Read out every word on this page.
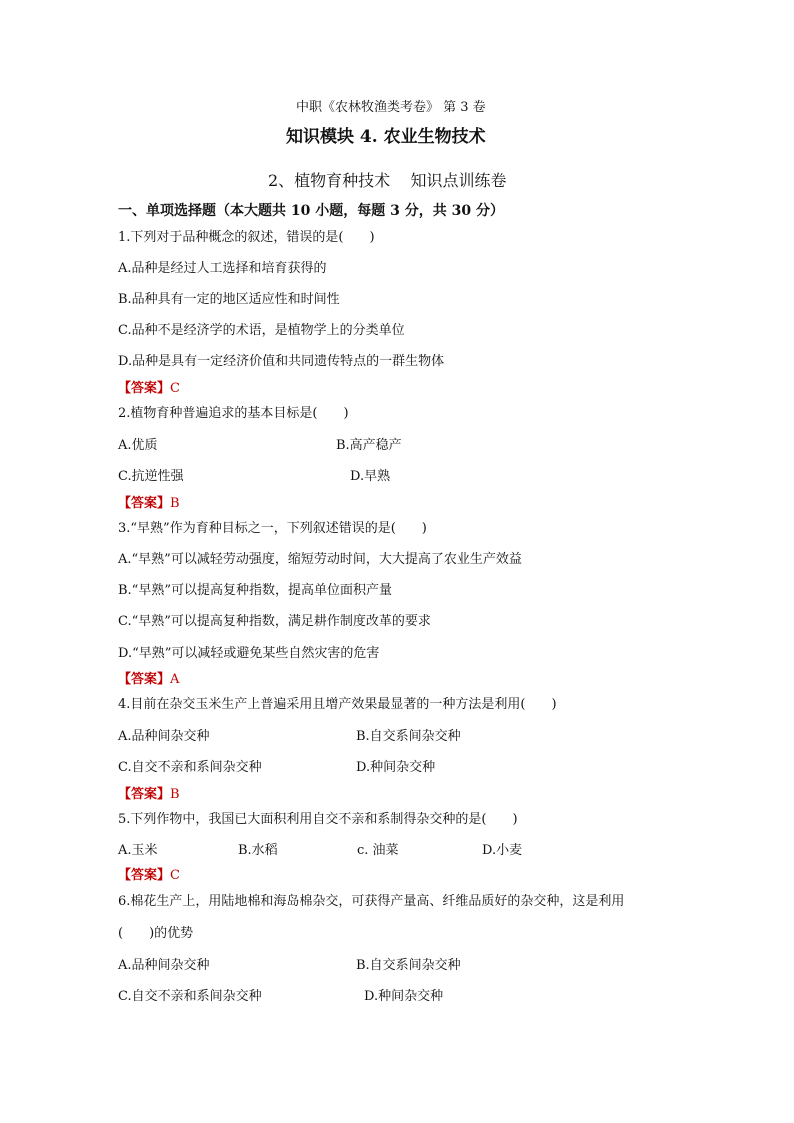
中职《农林牧渔类考卷》 第 3 卷
知识模块 4. 农业生物技术
2、植物育种技术    知识点训练卷
一、单项选择题（本大题共 10 小题，每题 3 分，共 30 分）
1.下列对于品种概念的叙述，错误的是(　　)
A.品种是经过人工选择和培育获得的
B.品种具有一定的地区适应性和时间性
C.品种不是经济学的术语，是植物学上的分类单位
D.品种是具有一定经济价值和共同遗传特点的一群生物体
【答案】C
2.植物育种普遍追求的基本目标是(　　)
A.优质	B.高产稳产
C.抗逆性强	D.早熟
【答案】B
3.“早熟”作为育种目标之一，下列叙述错误的是(　　)
A.“早熟”可以减轻劳动强度，缩短劳动时间，大大提高了农业生产效益
B.“早熟”可以提高复种指数，提高单位面积产量
C.“早熟”可以提高复种指数，满足耕作制度改革的要求
D.“早熟”可以减轻或避免某些自然灾害的危害
【答案】A
4.目前在杂交玉米生产上普遍采用且增产效果最显著的一种方法是利用(　　)
A.品种间杂交种	B.自交系间杂交种
C.自交不亲和系间杂交种	D.种间杂交种
【答案】B
5.下列作物中，我国已大面积利用自交不亲和系制得杂交种的是(　　)
A.玉米	B.水稻	c. 油菜	D.小麦
【答案】C
6.棉花生产上，用陆地棉和海岛棉杂交，可获得产量高、纤维品质好的杂交种，这是利用
(　　)的优势
A.品种间杂交种	B.自交系间杂交种
C.自交不亲和系间杂交种	D.种间杂交种
